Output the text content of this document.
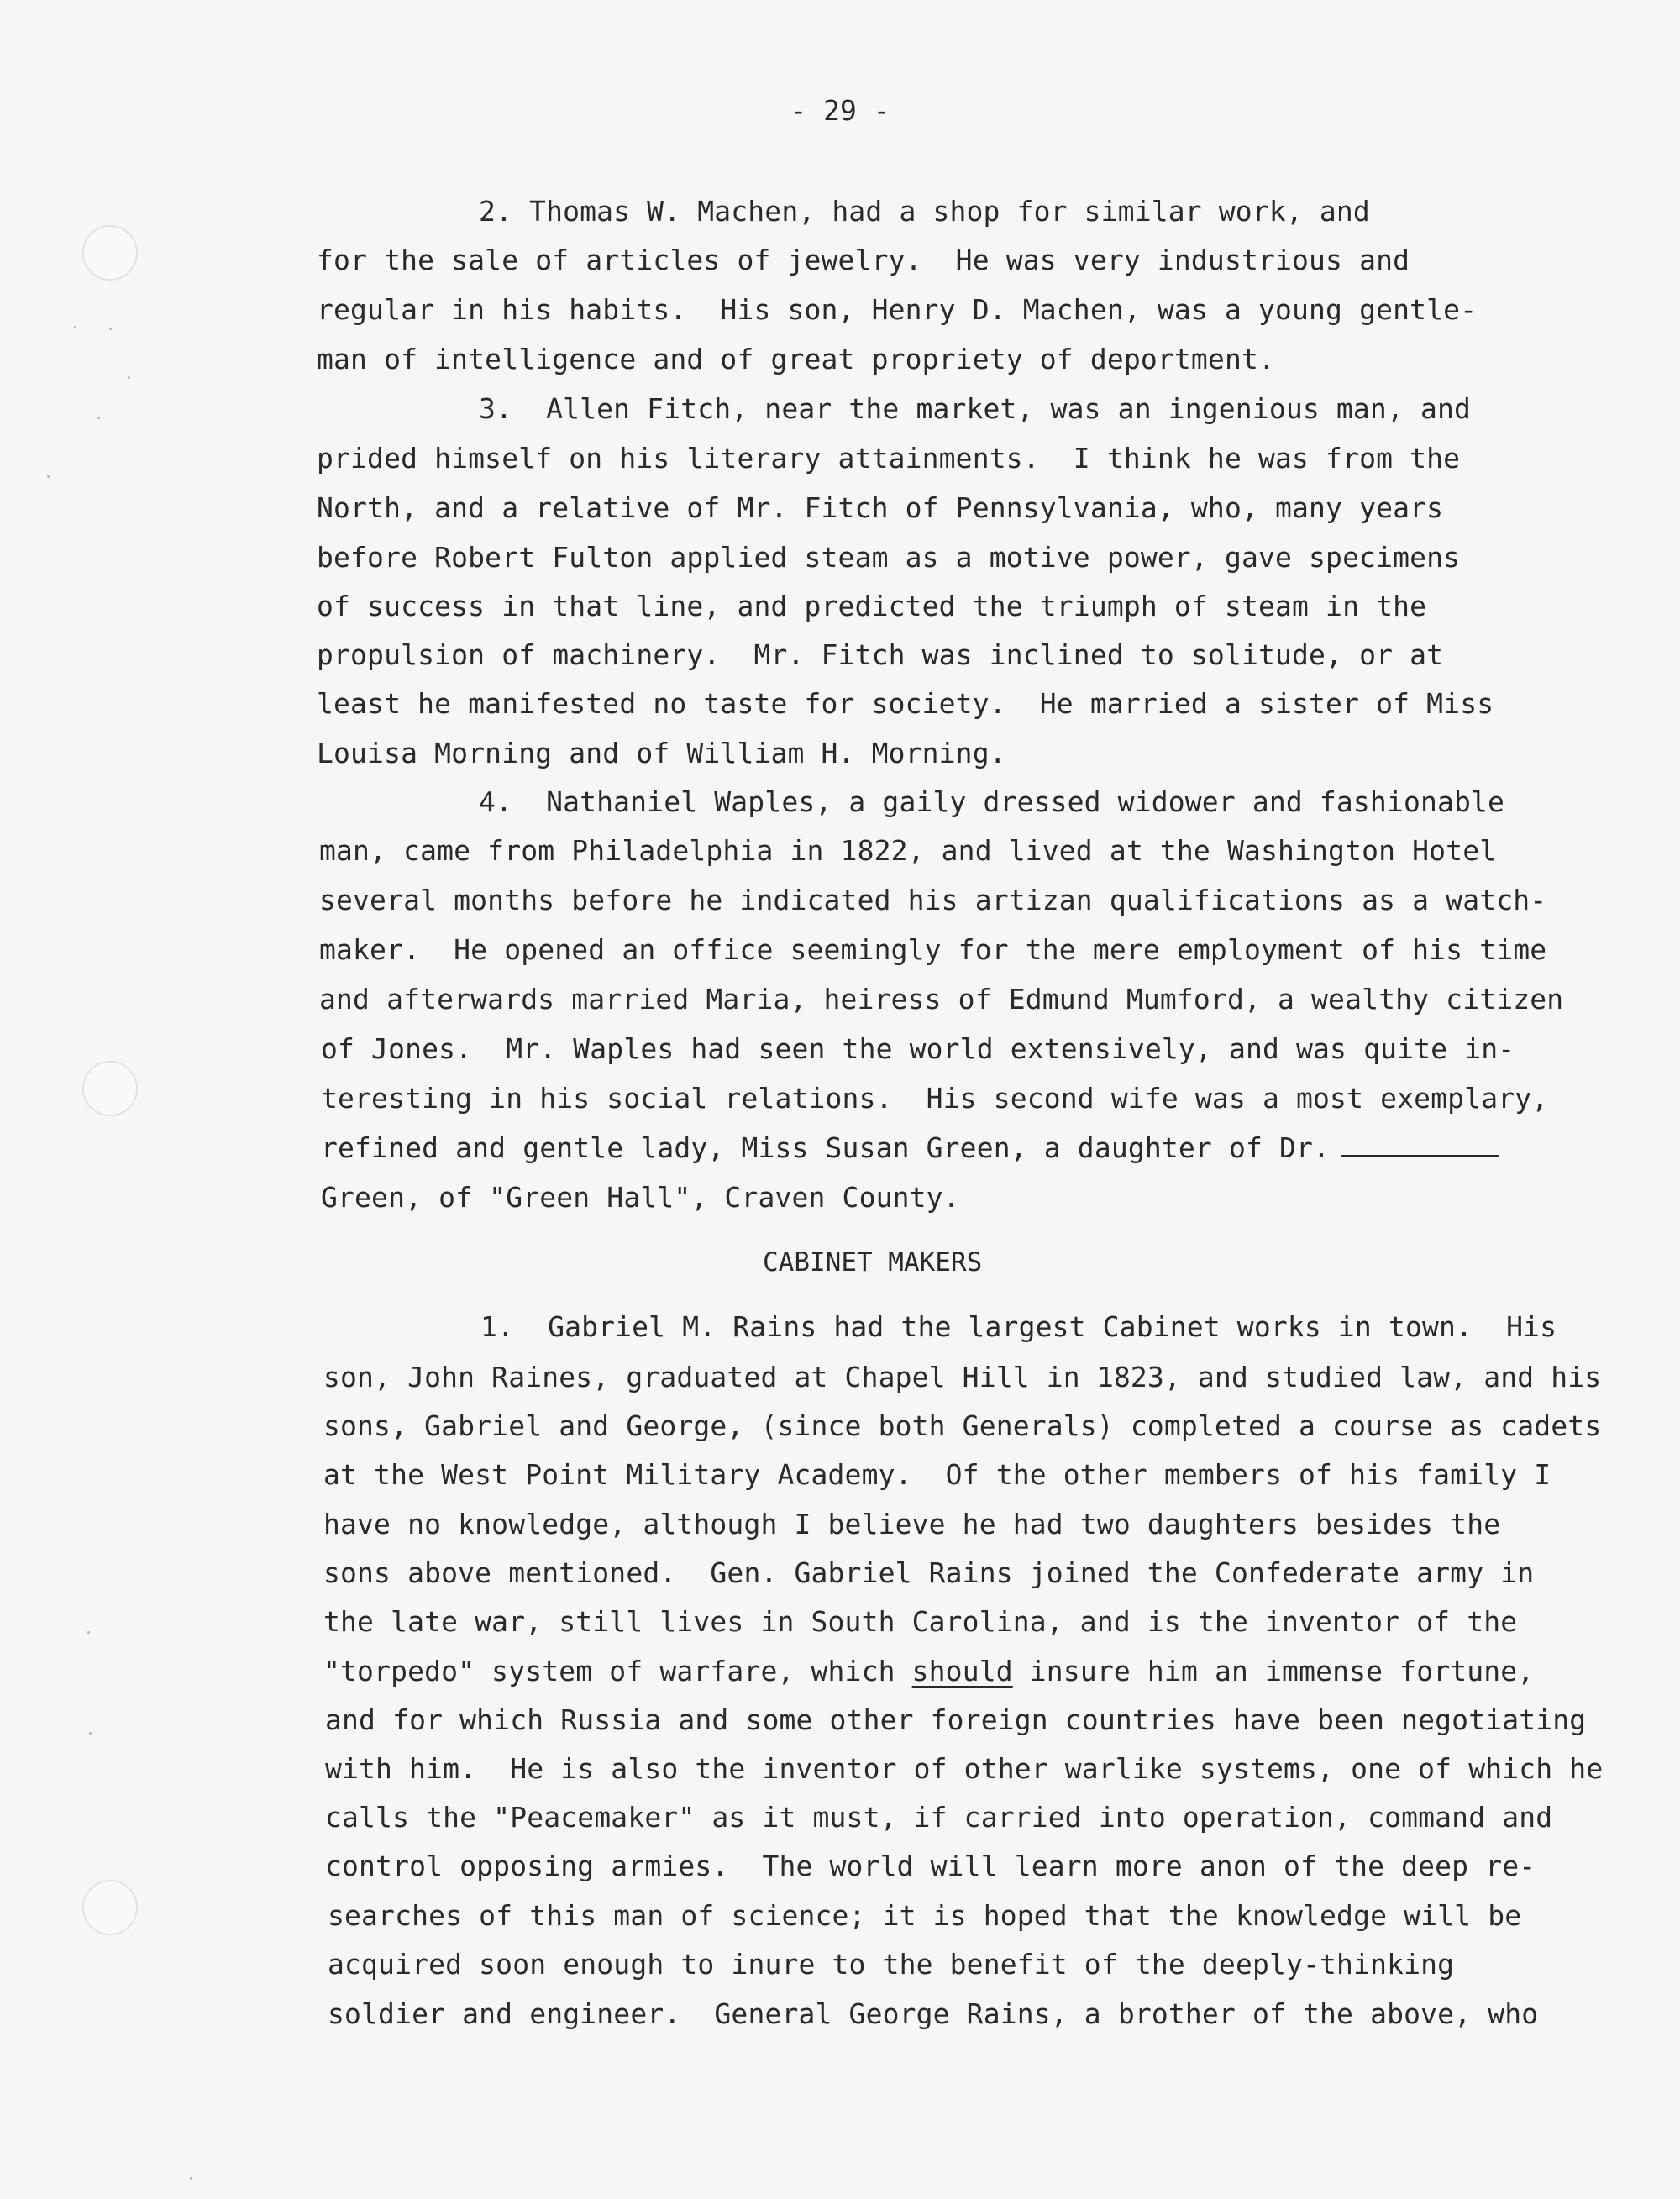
- 29 -
2. Thomas W. Machen, had a shop for similar work, and
for the sale of articles of jewelry.  He was very industrious and
regular in his habits.  His son, Henry D. Machen, was a young gentle-
man of intelligence and of great propriety of deportment.
3.  Allen Fitch, near the market, was an ingenious man, and
prided himself on his literary attainments.  I think he was from the
North, and a relative of Mr. Fitch of Pennsylvania, who, many years
before Robert Fulton applied steam as a motive power, gave specimens
of success in that line, and predicted the triumph of steam in the
propulsion of machinery.  Mr. Fitch was inclined to solitude, or at
least he manifested no taste for society.  He married a sister of Miss
Louisa Morning and of William H. Morning.
4.  Nathaniel Waples, a gaily dressed widower and fashionable
man, came from Philadelphia in 1822, and lived at the Washington Hotel
several months before he indicated his artizan qualifications as a watch-
maker.  He opened an office seemingly for the mere employment of his time
and afterwards married Maria, heiress of Edmund Mumford, a wealthy citizen
of Jones.  Mr. Waples had seen the world extensively, and was quite in-
teresting in his social relations.  His second wife was a most exemplary,
refined and gentle lady, Miss Susan Green, a daughter of Dr.
Green, of "Green Hall", Craven County.
CABINET MAKERS
1.  Gabriel M. Rains had the largest Cabinet works in town.  His
son, John Raines, graduated at Chapel Hill in 1823, and studied law, and his
sons, Gabriel and George, (since both Generals) completed a course as cadets
at the West Point Military Academy.  Of the other members of his family I
have no knowledge, although I believe he had two daughters besides the
sons above mentioned.  Gen. Gabriel Rains joined the Confederate army in
the late war, still lives in South Carolina, and is the inventor of the
"torpedo" system of warfare, which should insure him an immense fortune,
and for which Russia and some other foreign countries have been negotiating
with him.  He is also the inventor of other warlike systems, one of which he
calls the "Peacemaker" as it must, if carried into operation, command and
control opposing armies.  The world will learn more anon of the deep re-
searches of this man of science; it is hoped that the knowledge will be
acquired soon enough to inure to the benefit of the deeply-thinking
soldier and engineer.  General George Rains, a brother of the above, who
